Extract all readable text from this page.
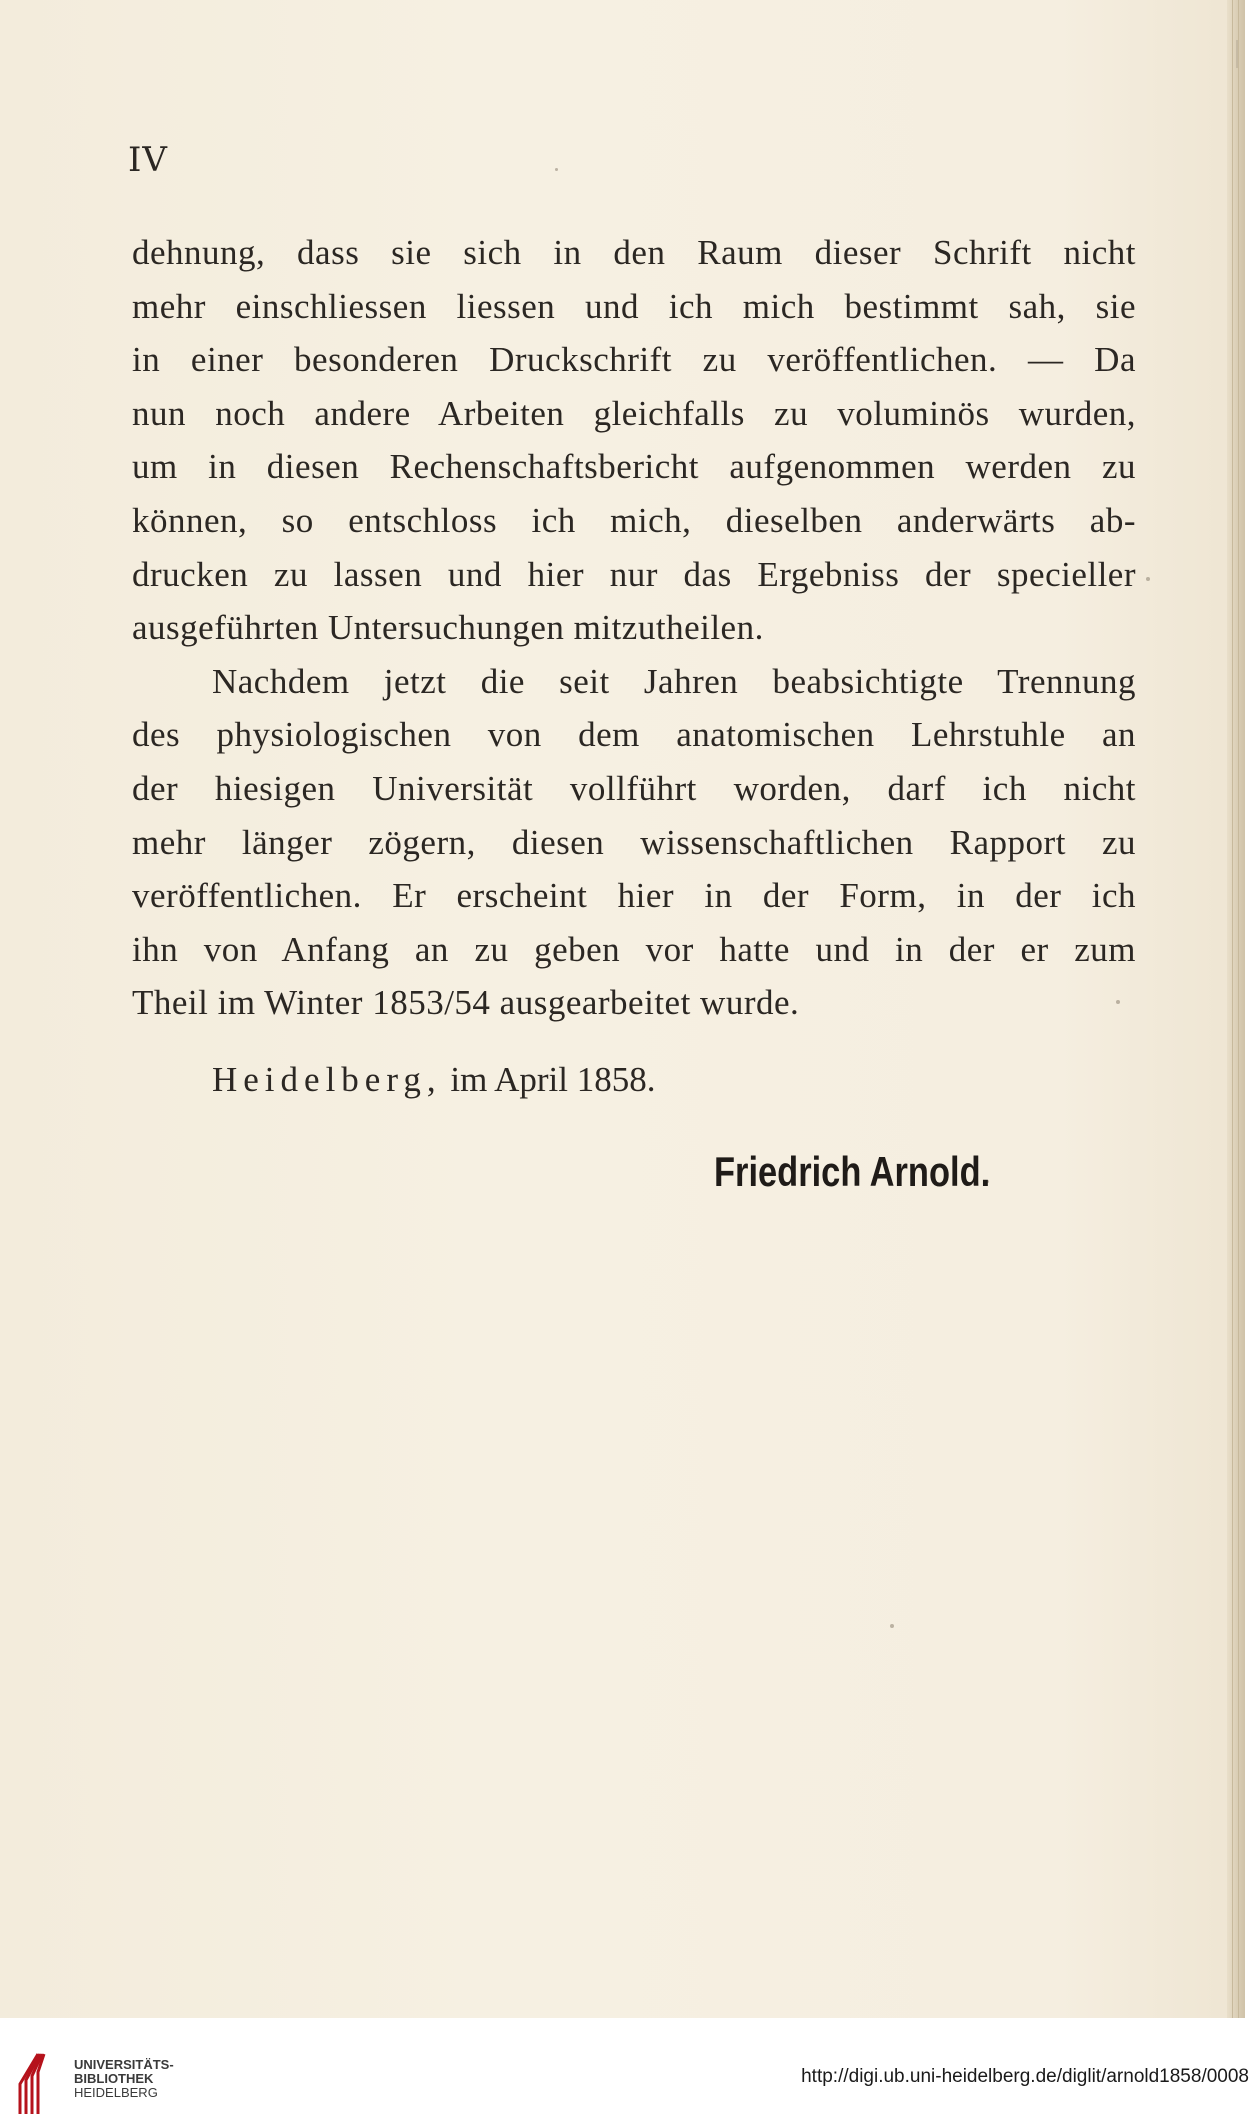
IV
dehnung, dass sie sich in den Raum dieser Schrift nicht
mehr einschliessen liessen und ich mich bestimmt sah, sie
in einer besonderen Druckschrift zu veröffentlichen. — Da
nun noch andere Arbeiten gleichfalls zu voluminös wurden,
um in diesen Rechenschaftsbericht aufgenommen werden zu
können, so entschloss ich mich, dieselben anderwärts ab-
drucken zu lassen und hier nur das Ergebniss der specieller
ausgeführten Untersuchungen mitzutheilen.
Nachdem jetzt die seit Jahren beabsichtigte Trennung
des physiologischen von dem anatomischen Lehrstuhle an
der hiesigen Universität vollführt worden, darf ich nicht
mehr länger zögern, diesen wissenschaftlichen Rapport zu
veröffentlichen. Er erscheint hier in der Form, in der ich
ihn von Anfang an zu geben vor hatte und in der er zum
Theil im Winter 1853/54 ausgearbeitet wurde.
Heidelberg, im April 1858.
Friedrich Arnold.
UNIVERSITÄTS-
BIBLIOTHEK
HEIDELBERG
http://digi.ub.uni-heidelberg.de/diglit/arnold1858/0008
